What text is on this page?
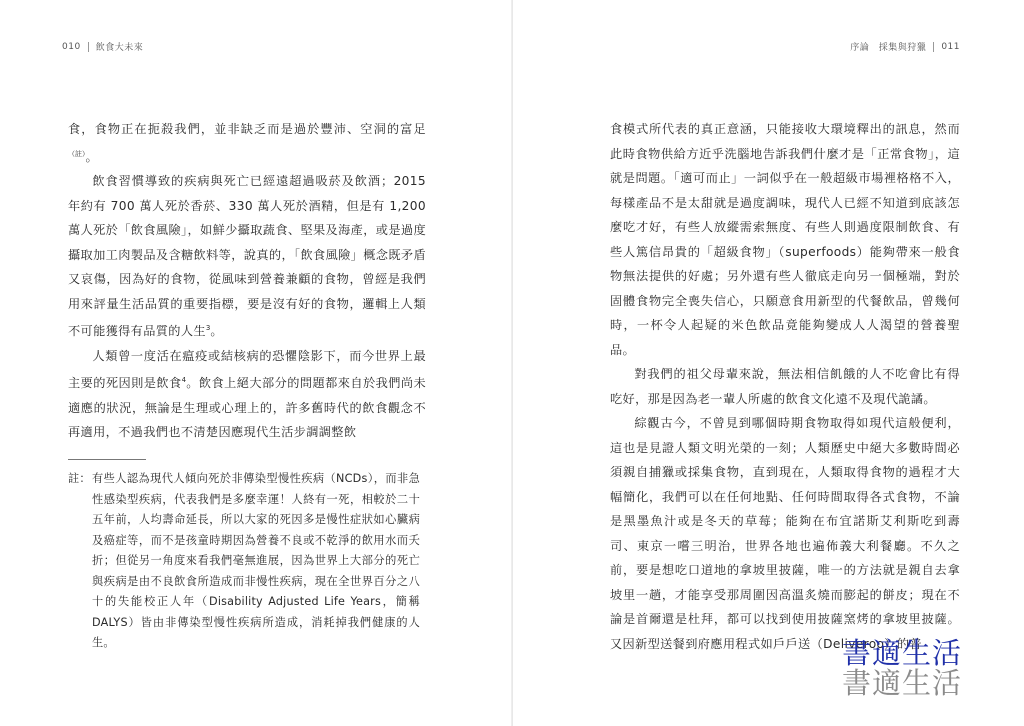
010 飲食大未來

食，食物正在扼殺我們，並非缺乏而是過於豐沛、空洞的富足$^{(註)}$。

飲食習慣導致的疾病與死亡已經遠超過吸菸及飲酒；2015 年約有 700 萬人死於香菸、330 萬人死於酒精，但是有 1,200 萬人死於「飲食風險」，如鮮少攝取蔬食、堅果及海產，或是過度攝取加工肉製品及含糖飲料等，說真的，「飲食風險」概念既矛盾又哀傷，因為好的食物，從風味到營養兼顧的食物，曾經是我們用來評量生活品質的重要指標，要是沒有好的食物，邏輯上人類不可能獲得有品質的人生$^3$。

人類曾一度活在瘟疫或結核病的恐懼陰影下，而今世界上最主要的死因則是飲食$^4$。飲食上絕大部分的問題都來自於我們尚未適應的狀況，無論是生理或心理上的，許多舊時代的飲食觀念不再適用，不過我們也不清楚因應現代生活步調調整飲

註： 有些人認為現代人傾向死於非傳染型慢性疾病（NCDs），而非急性感染型疾病，代表我們是多麼幸運！人終有一死，相較於二十五年前，人均壽命延長，所以大家的死因多是慢性症狀如心臟病及癌症等，而不是孩童時期因為營養不良或不乾淨的飲用水而夭折；但從另一角度來看我們毫無進展，因為世界上大部分的死亡與疾病是由不良飲食所造成而非慢性疾病，現在全世界百分之八十的失能校正人年（Disability Adjusted Life Years，簡稱 DALYS）皆由非傳染型慢性疾病所造成，消耗掉我們健康的人生。
序論　採集與狩獵 011

食模式所代表的真正意涵，只能接收大環境釋出的訊息，然而此時食物供給方近乎洗腦地告訴我們什麼才是「正常食物」，這就是問題。「適可而止」一詞似乎在一般超級市場裡格格不入，每樣產品不是太甜就是過度調味，現代人已經不知道到底該怎麼吃才好，有些人放縱需索無度、有些人則過度限制飲食、有些人篤信昂貴的「超級食物」（superfoods）能夠帶來一般食物無法提供的好處；另外還有些人徹底走向另一個極端，對於固體食物完全喪失信心，只願意食用新型的代餐飲品，曾幾何時，一杯令人起疑的米色飲品竟能夠變成人人渴望的營養聖品。

對我們的祖父母輩來說，無法相信飢餓的人不吃會比有得吃好，那是因為老一輩人所處的飲食文化遠不及現代詭譎。

綜觀古今，不曾見到哪個時期食物取得如現代這般便利，這也是見證人類文明光榮的一刻；人類歷史中絕大多數時間必須親自捕獵或採集食物，直到現在，人類取得食物的過程才大幅簡化，我們可以在任何地點、任何時間取得各式食物，不論是黑墨魚汁或是冬天的草莓；能夠在布宜諾斯艾利斯吃到壽司、東京一嚐三明治，世界各地也遍佈義大利餐廳。不久之前，要是想吃口道地的拿坡里披薩，唯一的方法就是親自去拿坡里一趟，才能享受那周圍因高溫炙燒而膨起的餅皮；現在不論是首爾還是杜拜，都可以找到使用披薩窯烤的拿坡里披薩。又因新型送餐到府應用程式如戶戶送（Deliveroo）的普

書適生活
書適生活
